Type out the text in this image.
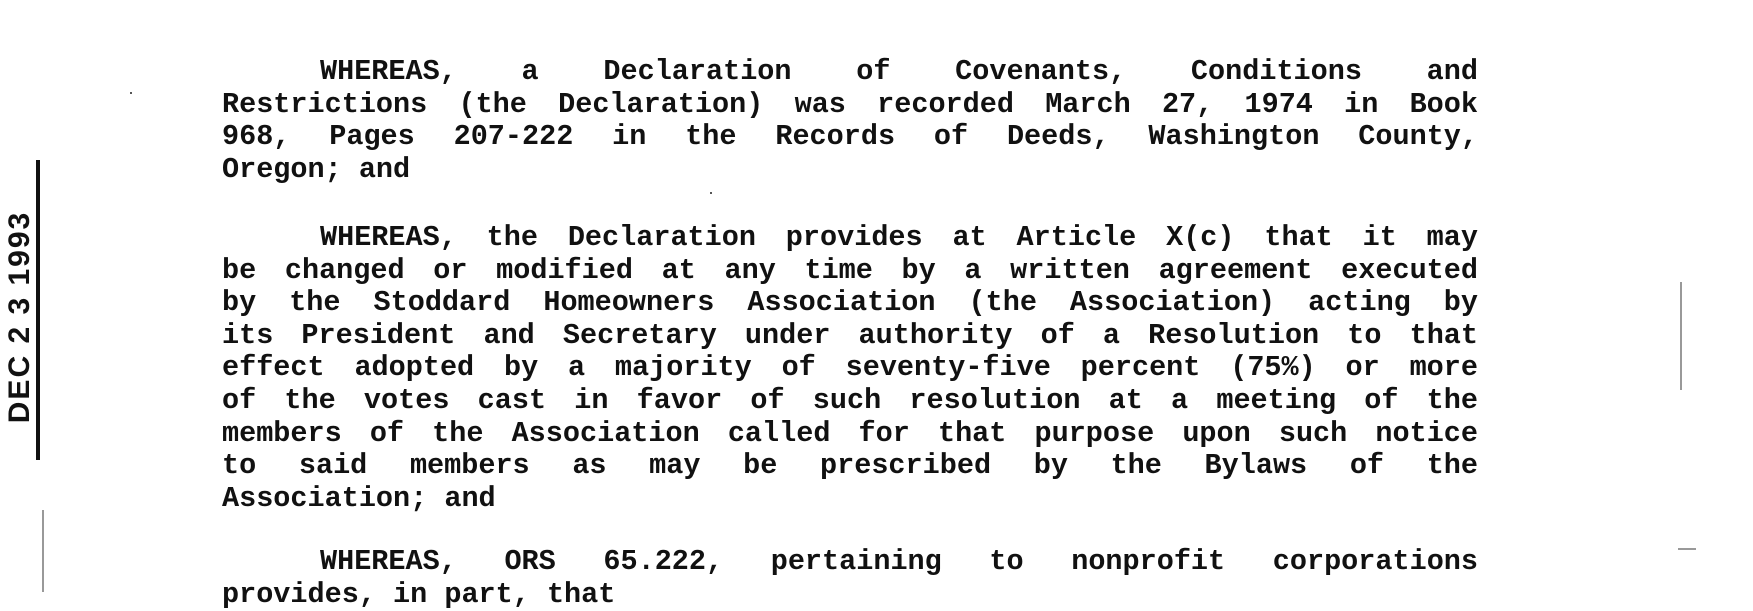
DEC 2 3 1993
WHEREAS, a Declaration of Covenants, Conditions and
Restrictions (the Declaration) was recorded March 27, 1974 in Book
968, Pages 207-222 in the Records of Deeds, Washington County,
Oregon; and
WHEREAS, the Declaration provides at Article X(c) that it may
be changed or modified at any time by a written agreement executed
by the Stoddard Homeowners Association (the Association) acting by
its President and Secretary under authority of a Resolution to that
effect adopted by a majority of seventy-five percent (75%) or more
of the votes cast in favor of such resolution at a meeting of the
members of the Association called for that purpose upon such notice
to said members as may be prescribed by the Bylaws of the
Association; and
WHEREAS, ORS 65.222, pertaining to nonprofit corporations
provides, in part, that
